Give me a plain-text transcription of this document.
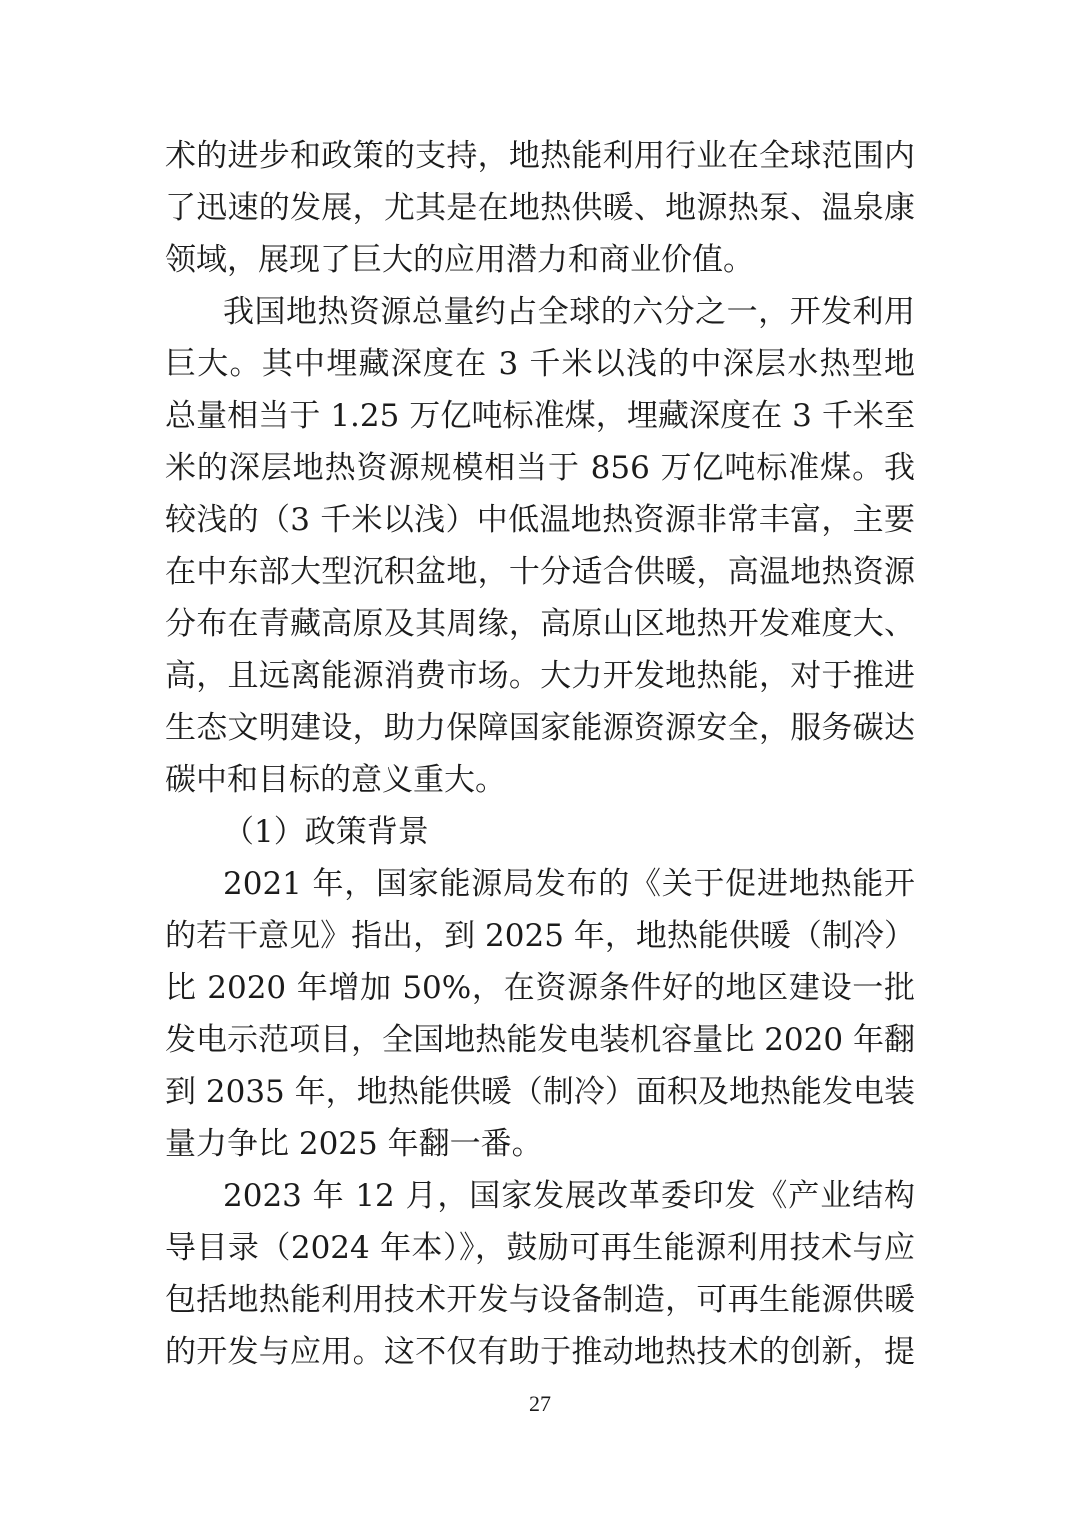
术的进步和政策的支持，地热能利用行业在全球范围内
了迅速的发展，尤其是在地热供暖、地源热泵、温泉康
领域，展现了巨大的应用潜力和商业价值。
我国地热资源总量约占全球的六分之一，开发利用
巨大。其中埋藏深度在 3 千米以浅的中深层水热型地
总量相当于 1.25 万亿吨标准煤，埋藏深度在 3 千米至
米的深层地热资源规模相当于 856 万亿吨标准煤。我
较浅的（3 千米以浅）中低温地热资源非常丰富，主要
在中东部大型沉积盆地，十分适合供暖，高温地热资源
分布在青藏高原及其周缘，高原山区地热开发难度大、
高，且远离能源消费市场。大力开发地热能，对于推进
生态文明建设，助力保障国家能源资源安全，服务碳达
碳中和目标的意义重大。
（1）政策背景
2021 年，国家能源局发布的《关于促进地热能开
的若干意见》指出，到 2025 年，地热能供暖（制冷）
比 2020 年增加 50%，在资源条件好的地区建设一批
发电示范项目，全国地热能发电装机容量比 2020 年翻
到 2035 年，地热能供暖（制冷）面积及地热能发电装
量力争比 2025 年翻一番。
2023 年 12 月，国家发展改革委印发《产业结构
导目录（2024 年本）》，鼓励可再生能源利用技术与应
包括地热能利用技术开发与设备制造，可再生能源供暖
的开发与应用。这不仅有助于推动地热技术的创新，提
27
